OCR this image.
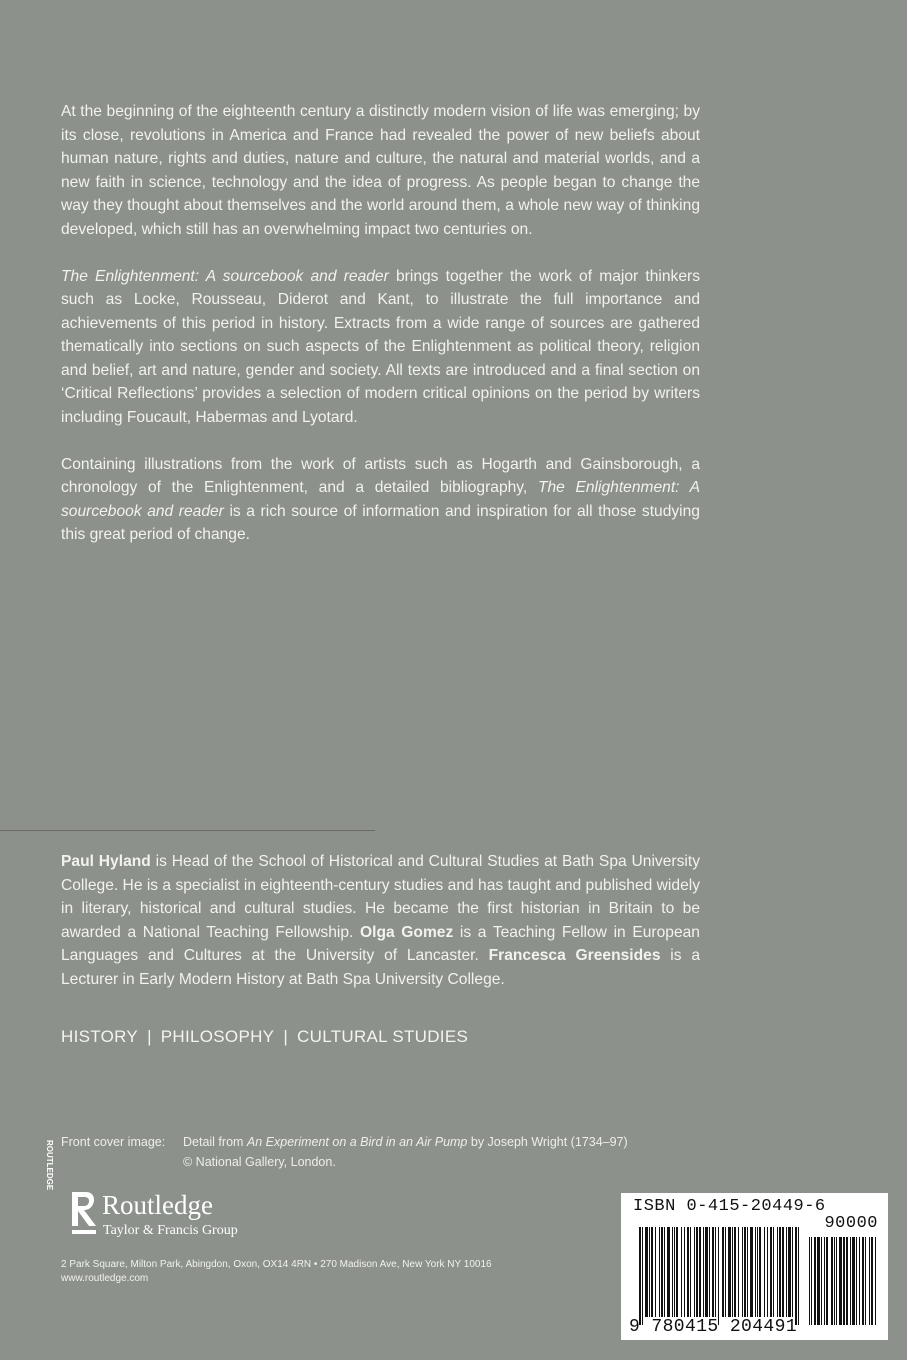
At the beginning of the eighteenth century a distinctly modern vision of life was emerging; by its close, revolutions in America and France had revealed the power of new beliefs about human nature, rights and duties, nature and culture, the natural and material worlds, and a new faith in science, technology and the idea of progress. As people began to change the way they thought about themselves and the world around them, a whole new way of thinking developed, which still has an overwhelming impact two centuries on.

The Enlightenment: A sourcebook and reader brings together the work of major thinkers such as Locke, Rousseau, Diderot and Kant, to illustrate the full importance and achievements of this period in history. Extracts from a wide range of sources are gathered thematically into sections on such aspects of the Enlightenment as political theory, religion and belief, art and nature, gender and society. All texts are introduced and a final section on ‘Critical Reflections’ provides a selection of modern critical opinions on the period by writers including Foucault, Habermas and Lyotard.

Containing illustrations from the work of artists such as Hogarth and Gainsborough, a chronology of the Enlightenment, and a detailed bibliography, The Enlightenment: A sourcebook and reader is a rich source of information and inspiration for all those studying this great period of change.

Paul Hyland is Head of the School of Historical and Cultural Studies at Bath Spa University College. He is a specialist in eighteenth-century studies and has taught and published widely in literary, historical and cultural studies. He became the first historian in Britain to be awarded a National Teaching Fellowship. Olga Gomez is a Teaching Fellow in European Languages and Cultures at the University of Lancaster. Francesca Greensides is a Lecturer in Early Modern History at Bath Spa University College.
HISTORY | PHILOSOPHY | CULTURAL STUDIES
Front cover image: Detail from An Experiment on a Bird in an Air Pump by Joseph Wright (1734–97)
© National Gallery, London.
ROUTLEDGE
Routledge
Taylor & Francis Group
2 Park Square, Milton Park, Abingdon, Oxon, OX14 4RN • 270 Madison Ave, New York NY 10016
www.routledge.com
ISBN 0-415-20449-6
90000
9 780415 204491
